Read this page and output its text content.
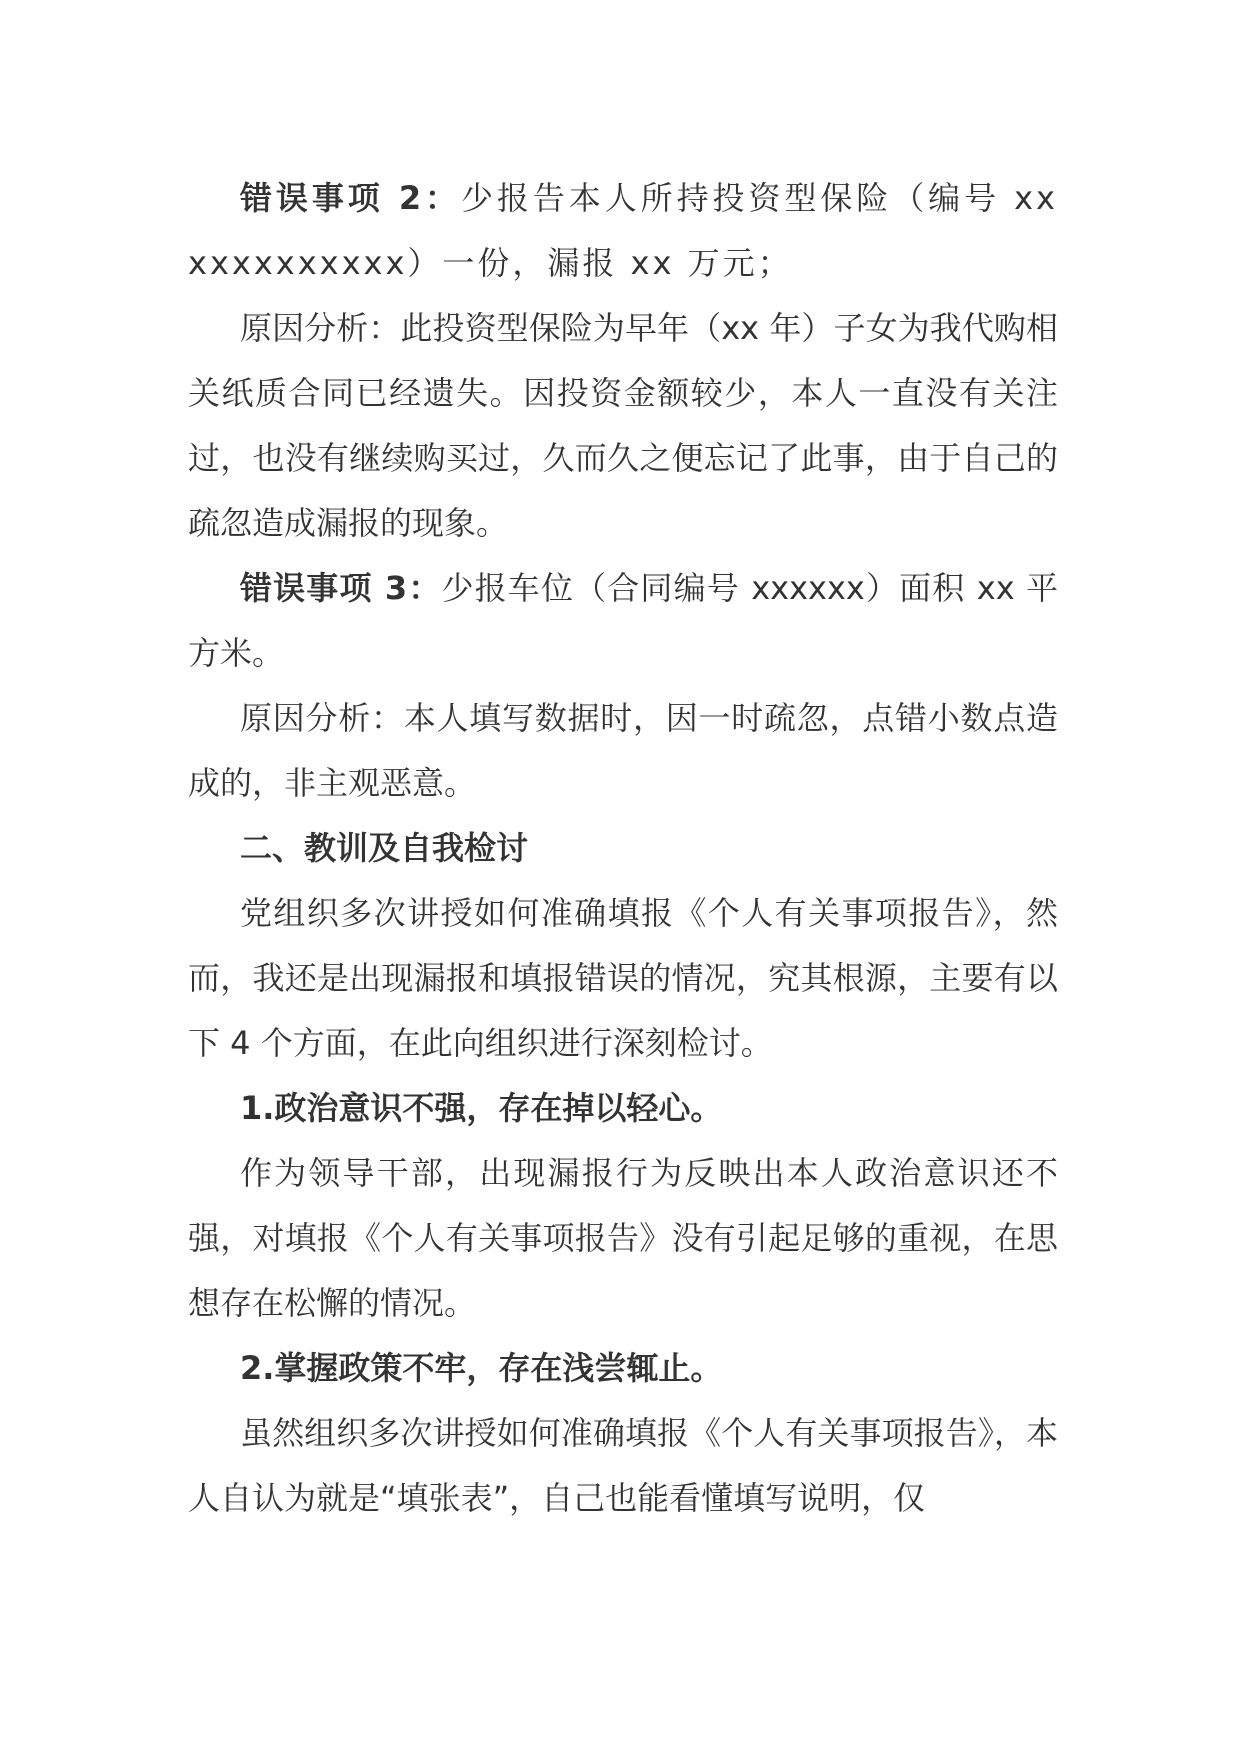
错误事项 2：少报告本人所持投资型保险（编号 xxxxxxxxxxxx）一份，漏报 xx 万元；

原因分析：此投资型保险为早年（xx 年）子女为我代购相关纸质合同已经遗失。因投资金额较少，本人一直没有关注过，也没有继续购买过，久而久之便忘记了此事，由于自己的疏忽造成漏报的现象。

错误事项 3：少报车位（合同编号 xxxxxx）面积 xx 平方米。

原因分析：本人填写数据时，因一时疏忽，点错小数点造成的，非主观恶意。

二、教训及自我检讨

党组织多次讲授如何准确填报《个人有关事项报告》，然而，我还是出现漏报和填报错误的情况，究其根源，主要有以下 4 个方面，在此向组织进行深刻检讨。

1.政治意识不强，存在掉以轻心。

作为领导干部，出现漏报行为反映出本人政治意识还不强，对填报《个人有关事项报告》没有引起足够的重视，在思想存在松懈的情况。

2.掌握政策不牢，存在浅尝辄止。

虽然组织多次讲授如何准确填报《个人有关事项报告》，本人自认为就是“填张表”，自己也能看懂填写说明，仅
